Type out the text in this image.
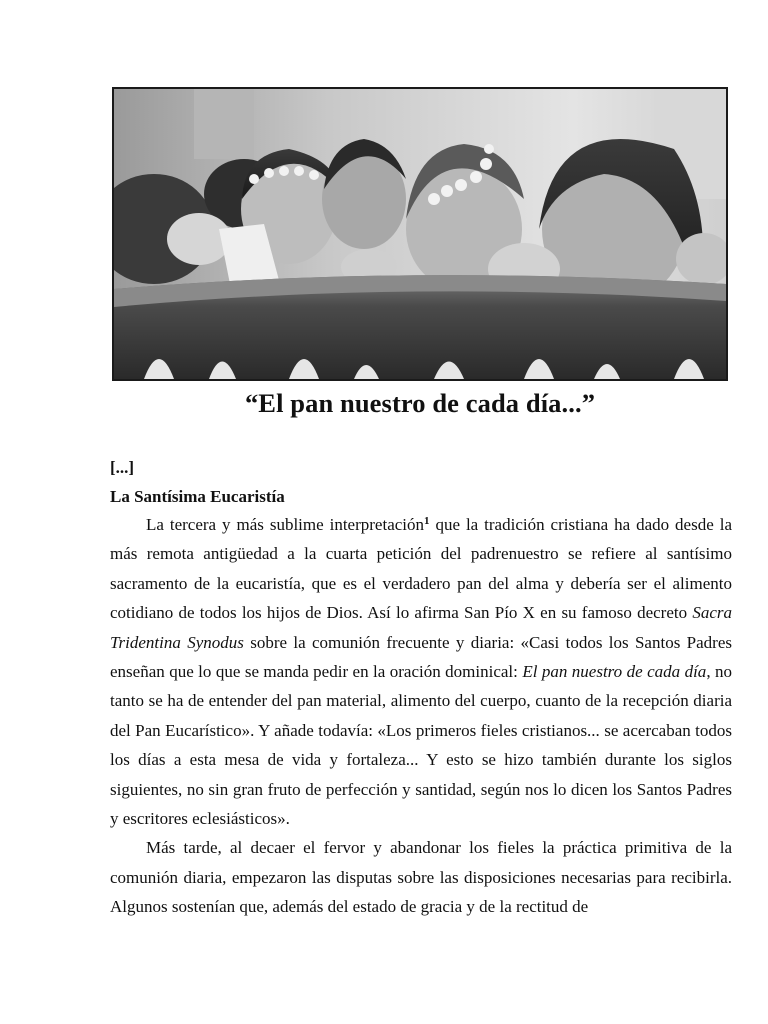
“El pan nuestro de cada día...”
[...]
La Santísima Eucaristía

La tercera y más sublime interpretación$^1$ que la tradición cristiana ha dado desde la más remota antigüedad a la cuarta petición del padrenuestro se refiere al santísimo sacramento de la eucaristía, que es el verdadero pan del alma y debería ser el alimento cotidiano de todos los hijos de Dios. Así lo afirma San Pío X en su famoso decreto Sacra Tridentina Synodus sobre la comunión frecuente y diaria: «Casi todos los Santos Padres enseñan que lo que se manda pedir en la oración dominical: El pan nuestro de cada día, no tanto se ha de entender del pan material, alimento del cuerpo, cuanto de la recepción diaria del Pan Eucarístico». Y añade todavía: «Los primeros fieles cristianos... se acercaban todos los días a esta mesa de vida y fortaleza... Y esto se hizo también durante los siglos siguientes, no sin gran fruto de perfección y santidad, según nos lo dicen los Santos Padres y escritores eclesiásticos».

Más tarde, al decaer el fervor y abandonar los fieles la práctica primitiva de la comunión diaria, empezaron las disputas sobre las disposiciones necesarias para recibirla. Algunos sostenían que, además del estado de gracia y de la rectitud de
